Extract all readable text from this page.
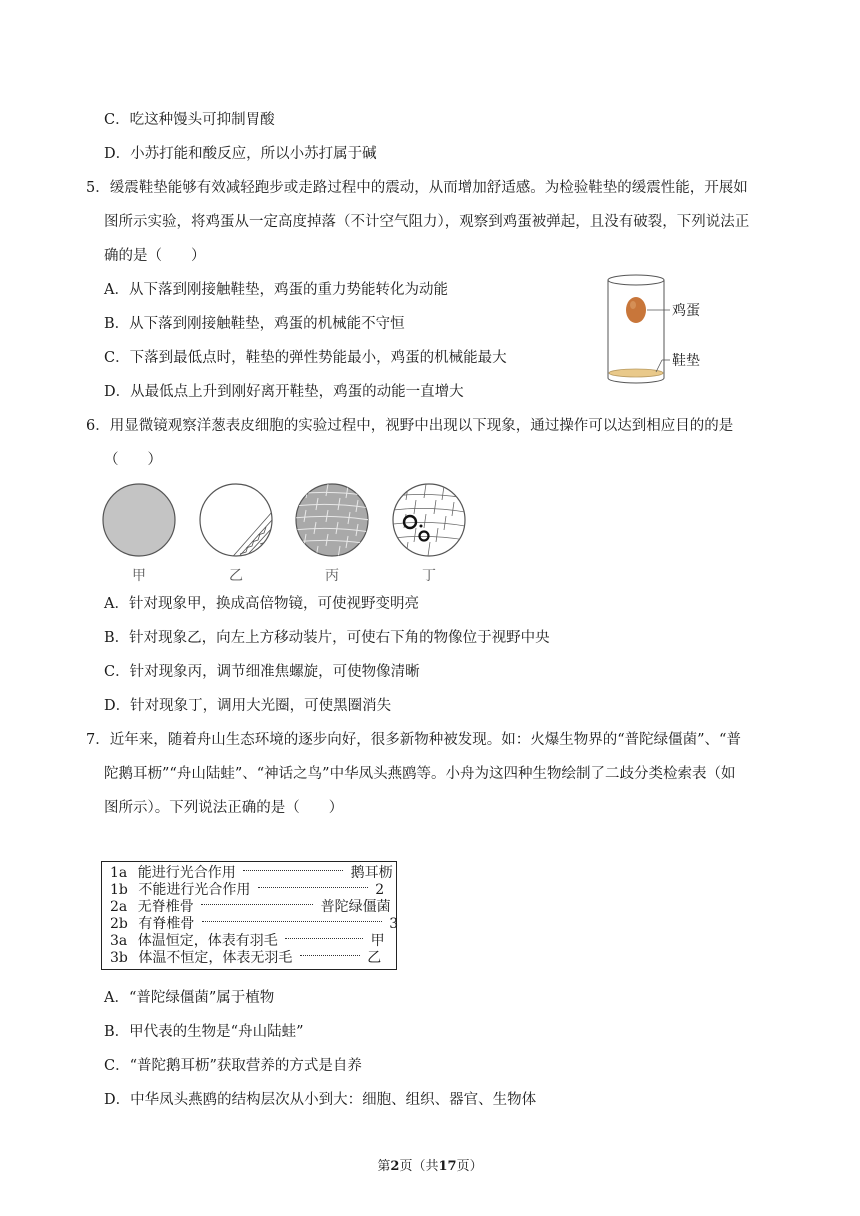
C．吃这种馒头可抑制胃酸
D．小苏打能和酸反应，所以小苏打属于碱
5．缓震鞋垫能够有效减轻跑步或走路过程中的震动，从而增加舒适感。为检验鞋垫的缓震性能，开展如
图所示实验，将鸡蛋从一定高度掉落（不计空气阻力），观察到鸡蛋被弹起，且没有破裂，下列说法正
确的是（　　）
A．从下落到刚接触鞋垫，鸡蛋的重力势能转化为动能
B．从下落到刚接触鞋垫，鸡蛋的机械能不守恒
C．下落到最低点时，鞋垫的弹性势能最小，鸡蛋的机械能最大
D．从最低点上升到刚好离开鞋垫，鸡蛋的动能一直增大
鸡蛋
鞋垫
6．用显微镜观察洋葱表皮细胞的实验过程中，视野中出现以下现象，通过操作可以达到相应目的的是
（　　）
甲	乙	丙	丁
A．针对现象甲，换成高倍物镜，可使视野变明亮
B．针对现象乙，向左上方移动装片，可使右下角的物像位于视野中央
C．针对现象丙，调节细准焦螺旋，可使物像清晰
D．针对现象丁，调用大光圈，可使黑圈消失
7．近年来，随着舟山生态环境的逐步向好，很多新物种被发现。如：火爆生物界的“普陀绿僵菌”、“普
陀鹅耳枥”“舟山陆蛙”、“神话之鸟”中华凤头燕鸥等。小舟为这四种生物绘制了二歧分类检索表（如
图所示）。下列说法正确的是（　　）
1a 能进行光合作用	鹅耳枥
1b 不能进行光合作用	2
2a 无脊椎骨	普陀绿僵菌
2b 有脊椎骨	3
3a 体温恒定，体表有羽毛	甲
3b 体温不恒定，体表无羽毛	乙
A．“普陀绿僵菌”属于植物
B．甲代表的生物是“舟山陆蛙”
C．“普陀鹅耳枥”获取营养的方式是自养
D．中华凤头燕鸥的结构层次从小到大：细胞、组织、器官、生物体
第2页（共17页）
